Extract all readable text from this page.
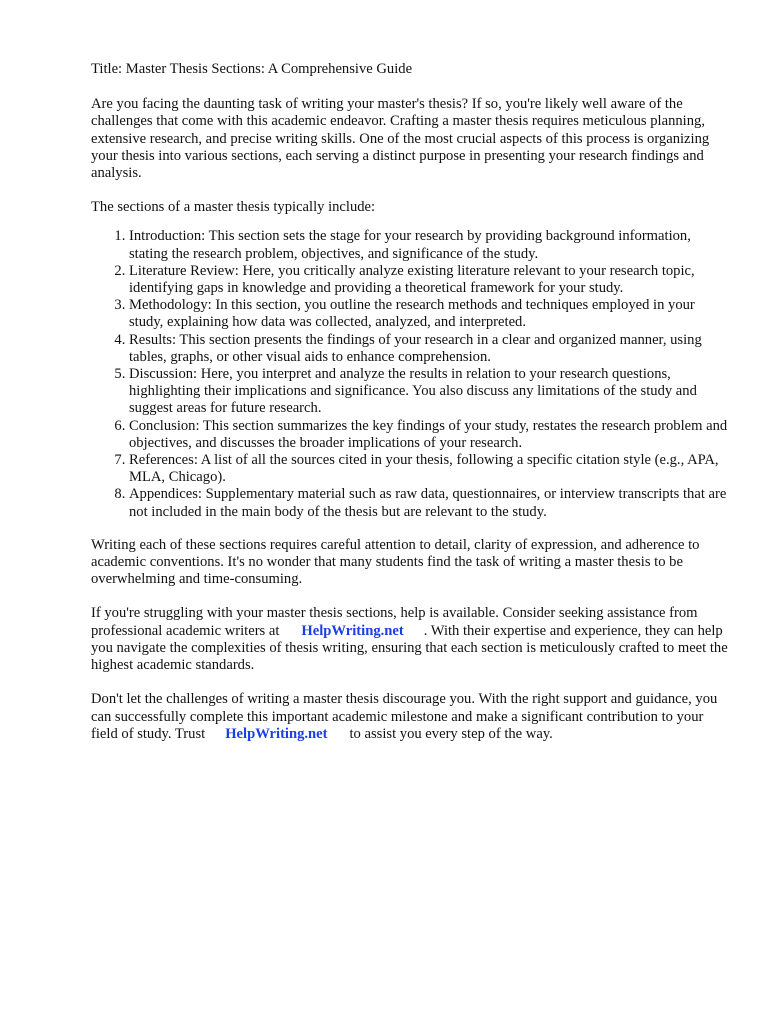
Title: Master Thesis Sections: A Comprehensive Guide

Are you facing the daunting task of writing your master's thesis? If so, you're likely well aware of the challenges that come with this academic endeavor. Crafting a master thesis requires meticulous planning, extensive research, and precise writing skills. One of the most crucial aspects of this process is organizing your thesis into various sections, each serving a distinct purpose in presenting your research findings and analysis.

The sections of a master thesis typically include:

1. Introduction: This section sets the stage for your research by providing background information, stating the research problem, objectives, and significance of the study.
2. Literature Review: Here, you critically analyze existing literature relevant to your research topic, identifying gaps in knowledge and providing a theoretical framework for your study.
3. Methodology: In this section, you outline the research methods and techniques employed in your study, explaining how data was collected, analyzed, and interpreted.
4. Results: This section presents the findings of your research in a clear and organized manner, using tables, graphs, or other visual aids to enhance comprehension.
5. Discussion: Here, you interpret and analyze the results in relation to your research questions, highlighting their implications and significance. You also discuss any limitations of the study and suggest areas for future research.
6. Conclusion: This section summarizes the key findings of your study, restates the research problem and objectives, and discusses the broader implications of your research.
7. References: A list of all the sources cited in your thesis, following a specific citation style (e.g., APA, MLA, Chicago).
8. Appendices: Supplementary material such as raw data, questionnaires, or interview transcripts that are not included in the main body of the thesis but are relevant to the study.

Writing each of these sections requires careful attention to detail, clarity of expression, and adherence to academic conventions. It's no wonder that many students find the task of writing a master thesis to be overwhelming and time-consuming.

If you're struggling with your master thesis sections, help is available. Consider seeking assistance from professional academic writers at HelpWriting.net . With their expertise and experience, they can help you navigate the complexities of thesis writing, ensuring that each section is meticulously crafted to meet the highest academic standards.

Don't let the challenges of writing a master thesis discourage you. With the right support and guidance, you can successfully complete this important academic milestone and make a significant contribution to your field of study. Trust HelpWriting.net to assist you every step of the way.
